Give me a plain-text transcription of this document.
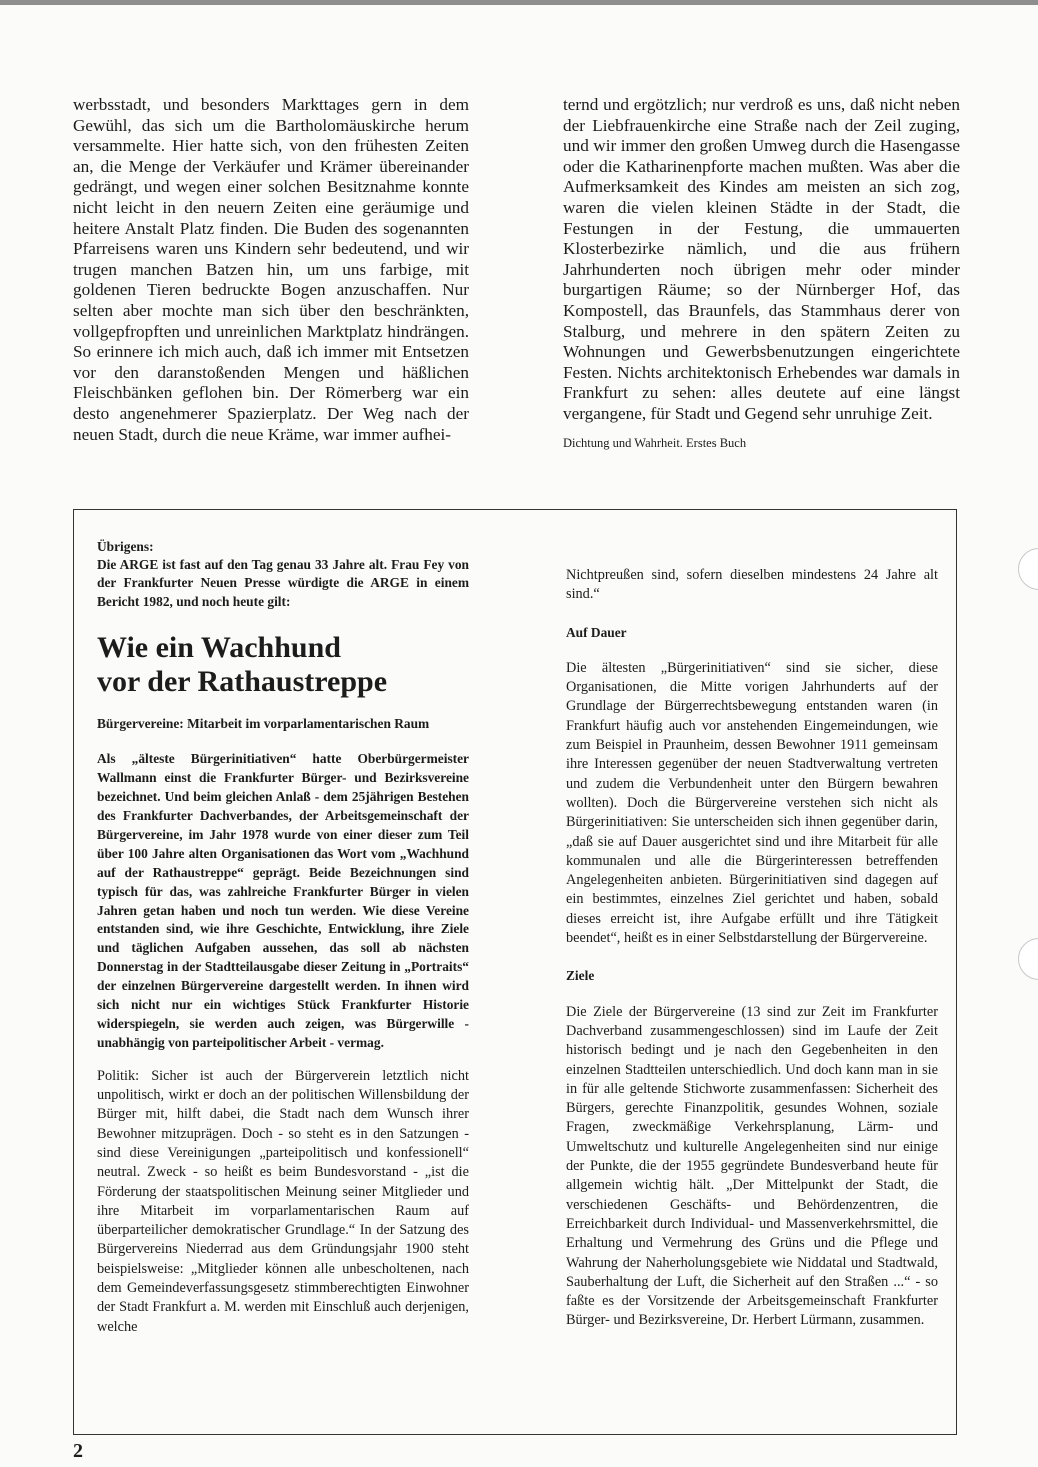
werbsstadt, und besonders Markttages gern in dem Gewühl, das sich um die Bartholomäuskirche herum versammelte. Hier hatte sich, von den frühesten Zeiten an, die Menge der Verkäufer und Krämer übereinander gedrängt, und wegen einer solchen Besitznahme konnte nicht leicht in den neuern Zeiten eine geräumige und heitere Anstalt Platz finden. Die Buden des sogenannten Pfarreisens waren uns Kindern sehr bedeutend, und wir trugen manchen Batzen hin, um uns farbige, mit goldenen Tieren bedruckte Bogen anzuschaffen. Nur selten aber mochte man sich über den beschränkten, vollgepfropften und unreinlichen Marktplatz hindrängen. So erinnere ich mich auch, daß ich immer mit Entsetzen vor den daranstoßenden Mengen und häßlichen Fleischbänken geflohen bin. Der Römerberg war ein desto angenehmerer Spazierplatz. Der Weg nach der neuen Stadt, durch die neue Kräme, war immer aufhei-

ternd und ergötzlich; nur verdroß es uns, daß nicht neben der Liebfrauenkirche eine Straße nach der Zeil zuging, und wir immer den großen Umweg durch die Hasengasse oder die Katharinenpforte machen mußten. Was aber die Aufmerksamkeit des Kindes am meisten an sich zog, waren die vielen kleinen Städte in der Stadt, die Festungen in der Festung, die ummauerten Klosterbezirke nämlich, und die aus frühern Jahrhunderten noch übrigen mehr oder minder burgartigen Räume; so der Nürnberger Hof, das Kompostell, das Braunfels, das Stammhaus derer von Stalburg, und mehrere in den spätern Zeiten zu Wohnungen und Gewerbsbenutzungen eingerichtete Festen. Nichts architektonisch Erhebendes war damals in Frankfurt zu sehen: alles deutete auf eine längst vergangene, für Stadt und Gegend sehr unruhige Zeit.

Dichtung und Wahrheit. Erstes Buch

Übrigens:

Die ARGE ist fast auf den Tag genau 33 Jahre alt. Frau Fey von der Frankfurter Neuen Presse würdigte die ARGE in einem Bericht 1982, und noch heute gilt:

Wie ein Wachhund
vor der Rathaustreppe

Bürgervereine: Mitarbeit im vorparlamentarischen Raum

Als „älteste Bürgerinitiativen“ hatte Oberbürgermeister Wallmann einst die Frankfurter Bürger- und Bezirksvereine bezeichnet. Und beim gleichen Anlaß - dem 25jährigen Bestehen des Frankfurter Dachverbandes, der Arbeitsgemeinschaft der Bürgervereine, im Jahr 1978 wurde von einer dieser zum Teil über 100 Jahre alten Organisationen das Wort vom „Wachhund auf der Rathaustreppe“ geprägt. Beide Bezeichnungen sind typisch für das, was zahlreiche Frankfurter Bürger in vielen Jahren getan haben und noch tun werden. Wie diese Vereine entstanden sind, wie ihre Geschichte, Entwicklung, ihre Ziele und täglichen Aufgaben aussehen, das soll ab nächsten Donnerstag in der Stadtteilausgabe dieser Zeitung in „Portraits“ der einzelnen Bürgervereine dargestellt werden. In ihnen wird sich nicht nur ein wichtiges Stück Frankfurter Historie widerspiegeln, sie werden auch zeigen, was Bürgerwille - unabhängig von parteipolitischer Arbeit - vermag.

Politik: Sicher ist auch der Bürgerverein letztlich nicht unpolitisch, wirkt er doch an der politischen Willensbildung der Bürger mit, hilft dabei, die Stadt nach dem Wunsch ihrer Bewohner mitzuprägen. Doch - so steht es in den Satzungen - sind diese Vereinigungen „parteipolitisch und konfessionell“ neutral. Zweck - so heißt es beim Bundesvorstand - „ist die Förderung der staatspolitischen Meinung seiner Mitglieder und ihre Mitarbeit im vorparlamentarischen Raum auf überparteilicher demokratischer Grundlage.“ In der Satzung des Bürgervereins Niederrad aus dem Gründungsjahr 1900 steht beispielsweise: „Mitglieder können alle unbescholtenen, nach dem Gemeindeverfassungsgesetz stimmberechtigten Einwohner der Stadt Frankfurt a. M. werden mit Einschluß auch derjenigen, welche

Nichtpreußen sind, sofern dieselben mindestens 24 Jahre alt sind.“

Auf Dauer

Die ältesten „Bürgerinitiativen“ sind sie sicher, diese Organisationen, die Mitte vorigen Jahrhunderts auf der Grundlage der Bürgerrechtsbewegung entstanden waren (in Frankfurt häufig auch vor anstehenden Eingemeindungen, wie zum Beispiel in Praunheim, dessen Bewohner 1911 gemeinsam ihre Interessen gegenüber der neuen Stadtverwaltung vertreten und zudem die Verbundenheit unter den Bürgern bewahren wollten). Doch die Bürgervereine verstehen sich nicht als Bürgerinitiativen: Sie unterscheiden sich ihnen gegenüber darin, „daß sie auf Dauer ausgerichtet sind und ihre Mitarbeit für alle kommunalen und alle die Bürgerinteressen betreffenden Angelegenheiten anbieten. Bürgerinitiativen sind dagegen auf ein bestimmtes, einzelnes Ziel gerichtet und haben, sobald dieses erreicht ist, ihre Aufgabe erfüllt und ihre Tätigkeit beendet“, heißt es in einer Selbstdarstellung der Bürgervereine.

Ziele

Die Ziele der Bürgervereine (13 sind zur Zeit im Frankfurter Dachverband zusammengeschlossen) sind im Laufe der Zeit historisch bedingt und je nach den Gegebenheiten in den einzelnen Stadtteilen unterschiedlich. Und doch kann man in sie in für alle geltende Stichworte zusammenfassen: Sicherheit des Bürgers, gerechte Finanzpolitik, gesundes Wohnen, soziale Fragen, zweckmäßige Verkehrsplanung, Lärm- und Umweltschutz und kulturelle Angelegenheiten sind nur einige der Punkte, die der 1955 gegründete Bundesverband heute für allgemein wichtig hält. „Der Mittelpunkt der Stadt, die verschiedenen Geschäfts- und Behördenzentren, die Erreichbarkeit durch Individual- und Massenverkehrsmittel, die Erhaltung und Vermehrung des Grüns und die Pflege und Wahrung der Naherholungsgebiete wie Niddatal und Stadtwald, Sauberhaltung der Luft, die Sicherheit auf den Straßen ...“ - so faßte es der Vorsitzende der Arbeitsgemeinschaft Frankfurter Bürger- und Bezirksvereine, Dr. Herbert Lürmann, zusammen.

2
